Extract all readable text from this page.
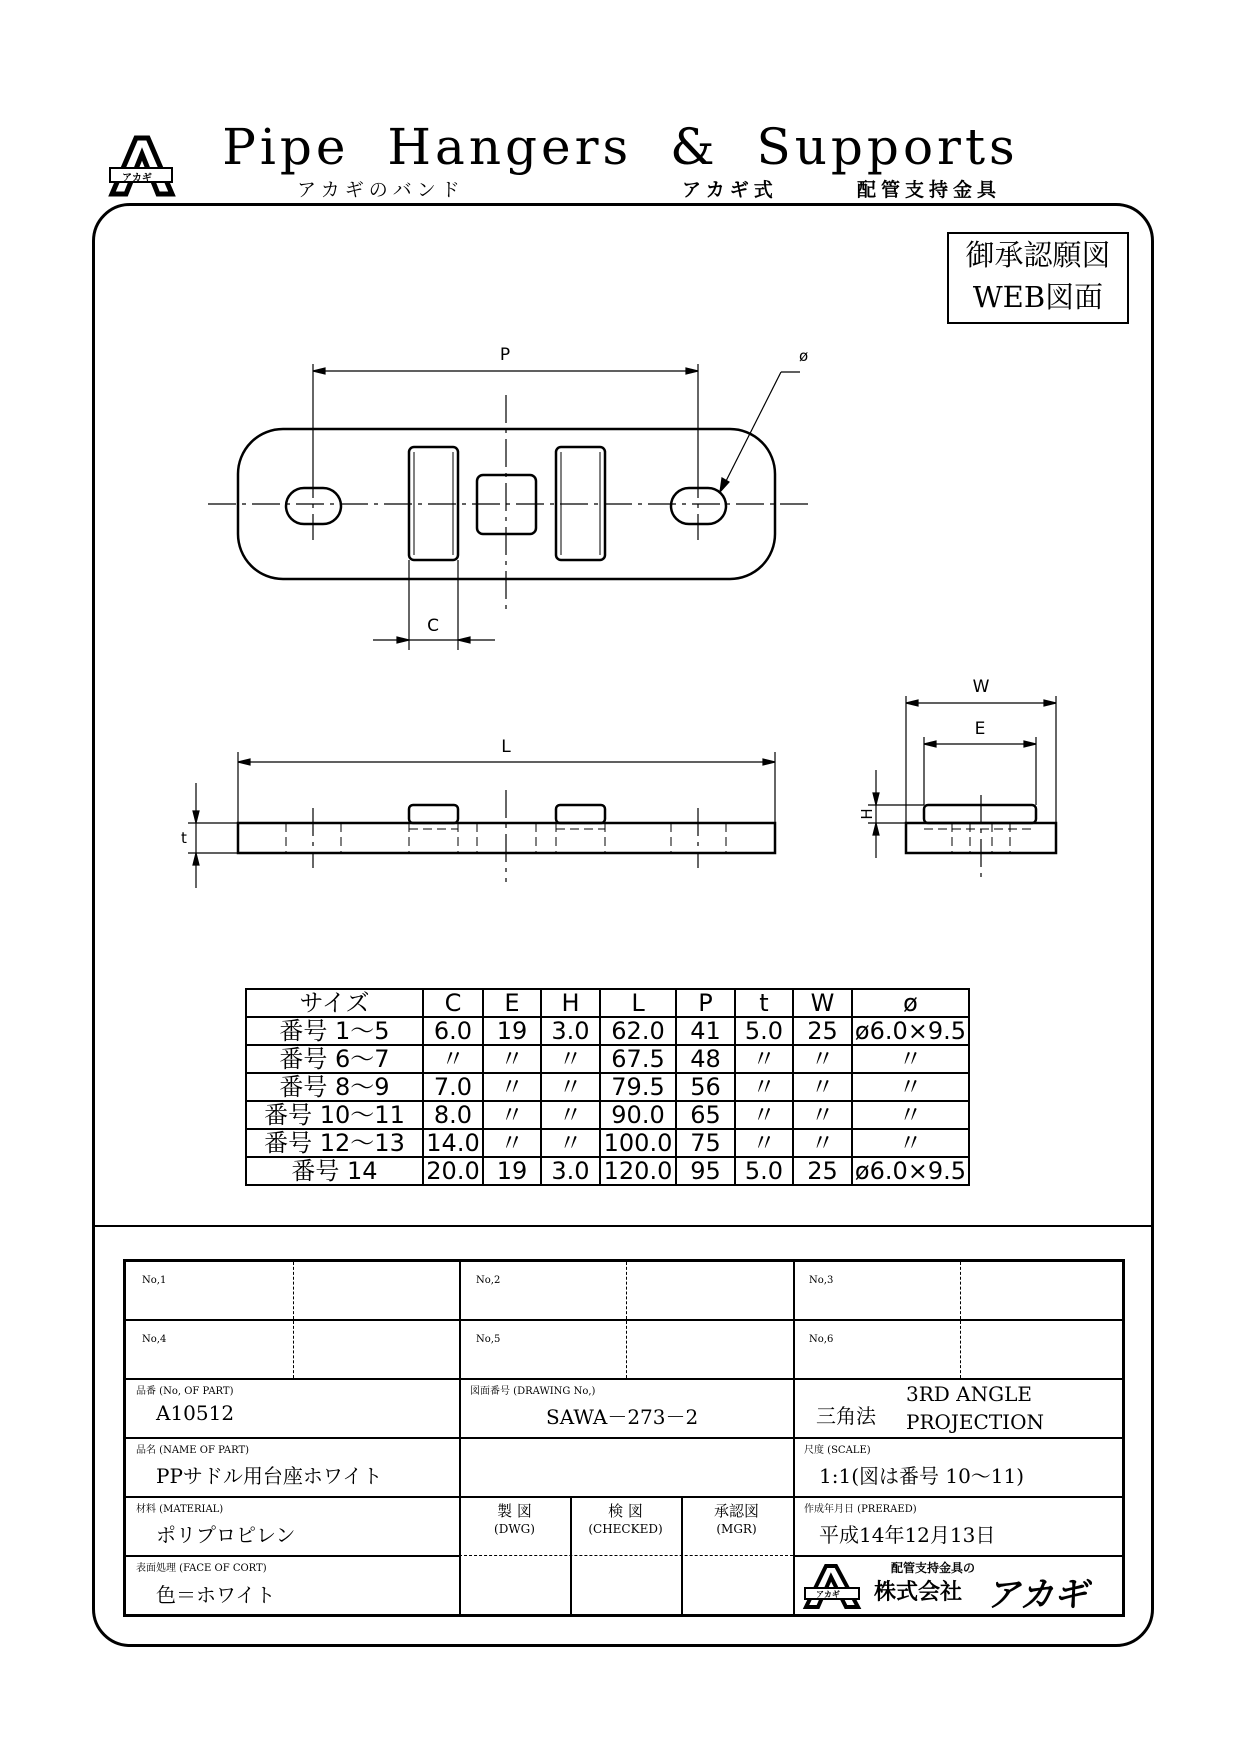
アカギ
Pipe Hangers & Supports
アカギのバンド	アカギ式	配管支持金具
御承認願図
WEB図面
P	ø
C
L
t
W
E
H
サイズ	C	E	H	L	P	t	W	ø
番号 1～5	6.0	19	3.0	62.0	41	5.0	25	ø6.0×9.5
番号 6～7	〃	〃	〃	67.5	48	〃	〃	〃
番号 8～9	7.0	〃	〃	79.5	56	〃	〃	〃
番号 10～11	8.0	〃	〃	90.0	65	〃	〃	〃
番号 12～13	14.0	〃	〃	100.0	75	〃	〃	〃
番号 14	20.0	19	3.0	120.0	95	5.0	25	ø6.0×9.5
No,1	No,2	No,3
No,4	No,5	No,6
品番 (No, OF PART)
A10512
図面番号 (DRAWING No,)
SAWA－273－2	三角法
3RD ANGLE
PROJECTION
品名 (NAME OF PART)
PPサドル用台座ホワイト
尺度 (SCALE)
1:1(図は番号 10～11)
材料 (MATERIAL)
ポリプロピレン
製 図
(DWG)
検 図
(CHECKED)
承認図
(MGR)
作成年月日 (PRERAED)
平成14年12月13日
表面処理 (FACE OF CORT)
色＝ホワイト	アカギ
配管支持金具の
株式会社 アカギ
